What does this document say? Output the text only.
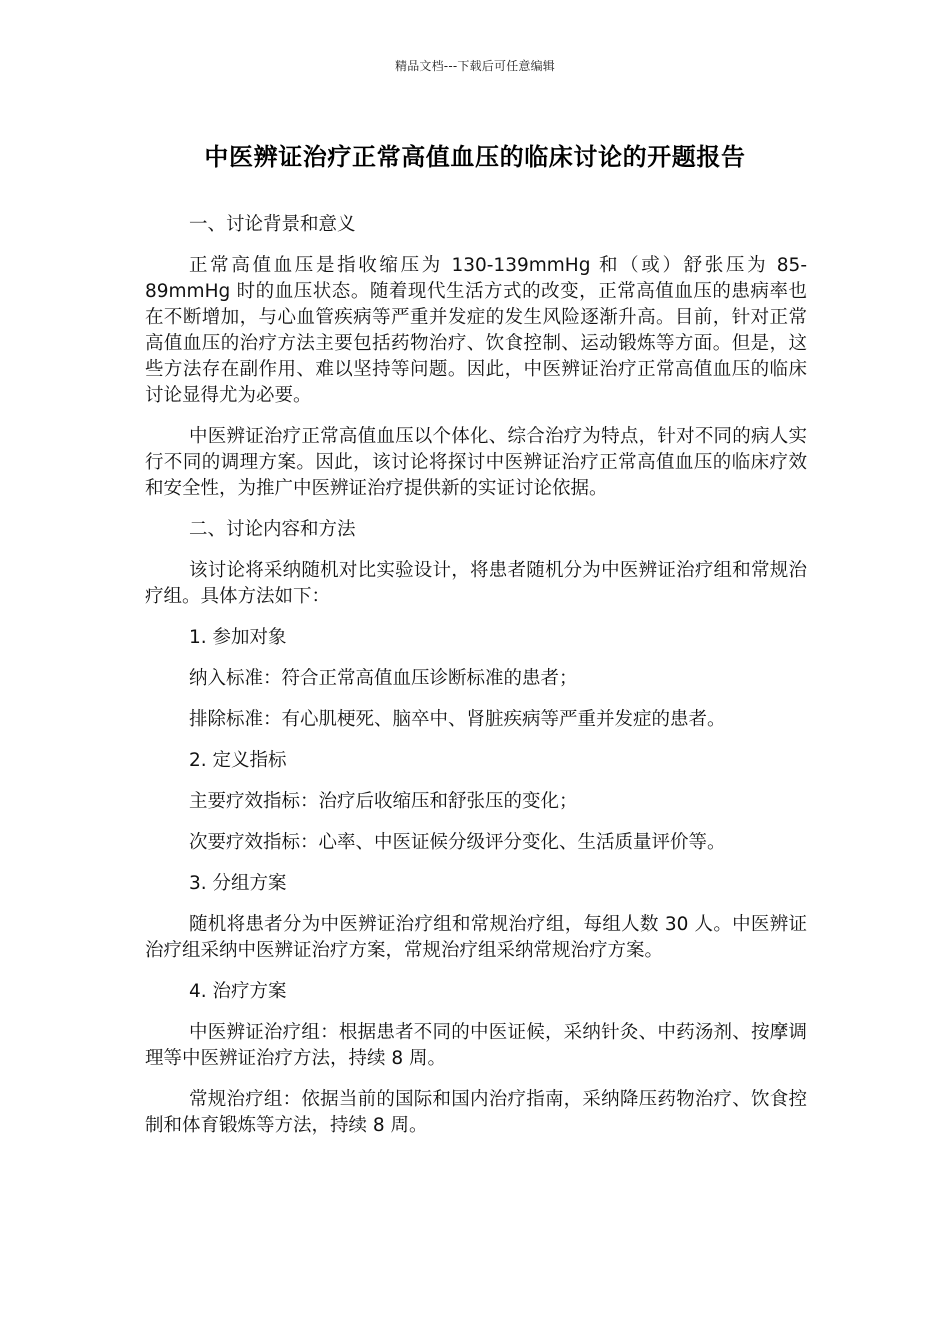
精品文档---下载后可任意编辑
中医辨证治疗正常高值血压的临床讨论的开题报告
一、讨论背景和意义
正常高值血压是指收缩压为 130-139mmHg 和（或）舒张压为 85-89mmHg 时的血压状态。随着现代生活方式的改变，正常高值血压的患病率也在不断增加，与心血管疾病等严重并发症的发生风险逐渐升高。目前，针对正常高值血压的治疗方法主要包括药物治疗、饮食控制、运动锻炼等方面。但是，这些方法存在副作用、难以坚持等问题。因此，中医辨证治疗正常高值血压的临床讨论显得尤为必要。
中医辨证治疗正常高值血压以个体化、综合治疗为特点，针对不同的病人实行不同的调理方案。因此，该讨论将探讨中医辨证治疗正常高值血压的临床疗效和安全性，为推广中医辨证治疗提供新的实证讨论依据。
二、讨论内容和方法
该讨论将采纳随机对比实验设计，将患者随机分为中医辨证治疗组和常规治疗组。具体方法如下：
1. 参加对象
纳入标准：符合正常高值血压诊断标准的患者；
排除标准：有心肌梗死、脑卒中、肾脏疾病等严重并发症的患者。
2. 定义指标
主要疗效指标：治疗后收缩压和舒张压的变化；
次要疗效指标：心率、中医证候分级评分变化、生活质量评价等。
3. 分组方案
随机将患者分为中医辨证治疗组和常规治疗组，每组人数 30 人。中医辨证治疗组采纳中医辨证治疗方案，常规治疗组采纳常规治疗方案。
4. 治疗方案
中医辨证治疗组：根据患者不同的中医证候，采纳针灸、中药汤剂、按摩调理等中医辨证治疗方法，持续 8 周。
常规治疗组：依据当前的国际和国内治疗指南，采纳降压药物治疗、饮食控制和体育锻炼等方法，持续 8 周。
